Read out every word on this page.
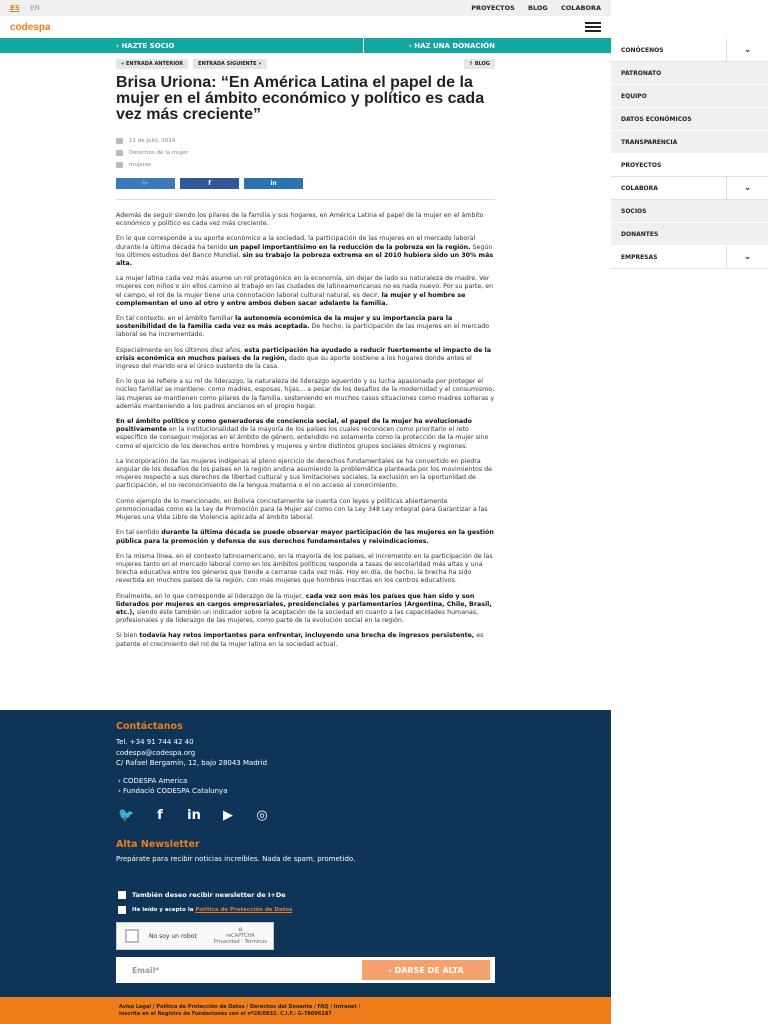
ES EN	PROYECTOS BLOG COLABORA
codespa
› HAZTE SOCIO	› HAZ UNA DONACIÓN
« ENTRADA ANTERIOR	ENTRADA SIGUIENTE »	↑ BLOG
Brisa Uriona: “En América Latina el papel de la mujer en el ámbito económico y político es cada vez más creciente”
11 de Julio, 2014
Derechos de la mujer
mujeres
🐦	f	in

Además de seguir siendo los pilares de la familia y sus hogares, en América Latina el papel de la mujer en el ámbito económico y político es cada vez más creciente.

En lo que corresponde a su aporte económico a la sociedad, la participación de las mujeres en el mercado laboral durante la última década ha tenido un papel importantísimo en la reducción de la pobreza en la región. Según los últimos estudios del Banco Mundial, sin su trabajo la pobreza extrema en el 2010 hubiera sido un 30% más alta.

La mujer latina cada vez más asume un rol protagónico en la economía, sin dejar de lado su naturaleza de madre. Ver mujeres con niños o sin ellos camino al trabajo en las ciudades de latinoamericanas no es nada nuevo. Por su parte, en el campo, el rol de la mujer tiene una connotación laboral cultural natural, es decir, la mujer y el hombre se complementan el uno al otro y entre ambos deben sacar adelante la familia.

En tal contexto, en el ámbito familiar la autonomía económica de la mujer y su importancia para la sostenibilidad de la familia cada vez es más aceptada. De hecho, la participación de las mujeres en el mercado laboral se ha incrementado.

Especialmente en los últimos diez años, esta participación ha ayudado a reducir fuertemente el impacto de la crisis económica en muchos países de la región, dado que su aporte sostiene a los hogares donde antes el ingreso del marido era el único sustento de la casa.

En lo que se refiere a su rol de liderazgo, la naturaleza de liderazgo aguerrido y su lucha apasionada por proteger el núcleo familiar se mantiene: como madres, esposas, hijas… a pesar de los desafíos de la modernidad y el consumismo, las mujeres se mantienen como pilares de la familia, sosteniendo en muchos casos situaciones como madres solteras y además manteniendo a los padres ancianos en el propio hogar.

En el ámbito político y como generadoras de conciencia social, el papel de la mujer ha evolucionado positivamente en la institucionalidad de la mayoría de los países los cuales reconocen como prioritario el reto específico de conseguir mejoras en el ámbito de género, entendido no solamente como la protección de la mujer sino como el ejercicio de los derechos entre hombres y mujeres y entre distintos grupos sociales étnicos y regiones.

La incorporación de las mujeres indígenas al pleno ejercicio de derechos fundamentales se ha convertido en piedra angular de los desafíos de los países en la región andina asumiendo la problemática planteada por los movimientos de mujeres respecto a sus derechos de libertad cultural y sus limitaciones sociales, la exclusión en la oportunidad de participación, el no reconocimiento de la lengua materna o el no acceso al conocimiento.

Como ejemplo de lo mencionado, en Bolivia concretamente se cuenta con leyes y políticas abiertamente promocionadas como es la Ley de Promoción para la Mujer así como con la Ley 348 Ley Integral para Garantizar a las Mujeres una Vida Libre de Violencia aplicada al ámbito laboral.

En tal sentido durante la última década se puede observar mayor participación de las mujeres en la gestión pública para la promoción y defensa de sus derechos fundamentales y reivindicaciones.

En la misma línea, en el contexto latinoamericano, en la mayoría de los países, el incremento en la participación de las mujeres tanto en el mercado laboral como en los ámbitos políticos responde a tasas de escolaridad más altas y una brecha educativa entre los géneros que tiende a cerrarse cada vez más. Hoy en día, de hecho, la brecha ha sido revertida en muchos países de la región, con más mujeres que hombres inscritas en los centros educativos.

Finalmente, en lo que corresponde al liderazgo de la mujer, cada vez son más los países que han sido y son liderados por mujeres en cargos empresariales, presidenciales y parlamentarios (Argentina, Chile, Brasil, etc.), siendo éste también un indicador sobre la aceptación de la sociedad en cuanto a las capacidades humanas, profesionales y de liderazgo de las mujeres, como parte de la evolución social en la región.

Si bien todavía hay retos importantes para enfrentar, incluyendo una brecha de ingresos persistente, es patente el crecimiento del rol de la mujer latina en la sociedad actual.

Contáctanos
Tel. +34 91 744 42 40
codespa@codespa.org
C/ Rafael Bergamín, 12, bajo 28043 Madrid
› CODESPA America
› Fundació CODESPA Catalunya
🐦	f	in ▶ ◎
Alta Newsletter
Prepárate para recibir noticias increíbles. Nada de spam, prometido.
También deseo recibir newsletter de I+De
He leído y acepto la Política de Protección de Datos
No soy un robot
♻
reCAPTCHA
Privacidad - Términos
Email*	› DARSE DE ALTA
Aviso Legal / Política de Protección de Datos / Derechos del Donante / FAQ / Intranet /
Inscrita en el Registro de Fundaciones con el nº28/0832. C.I.F.: G-78096187
CONÓCENOS	⌄
PATRONATO
EQUIPO
DATOS ECONÓMICOS
TRANSPARENCIA
PROYECTOS
COLABORA	⌄
SOCIOS
DONANTES
EMPRESAS	⌄
